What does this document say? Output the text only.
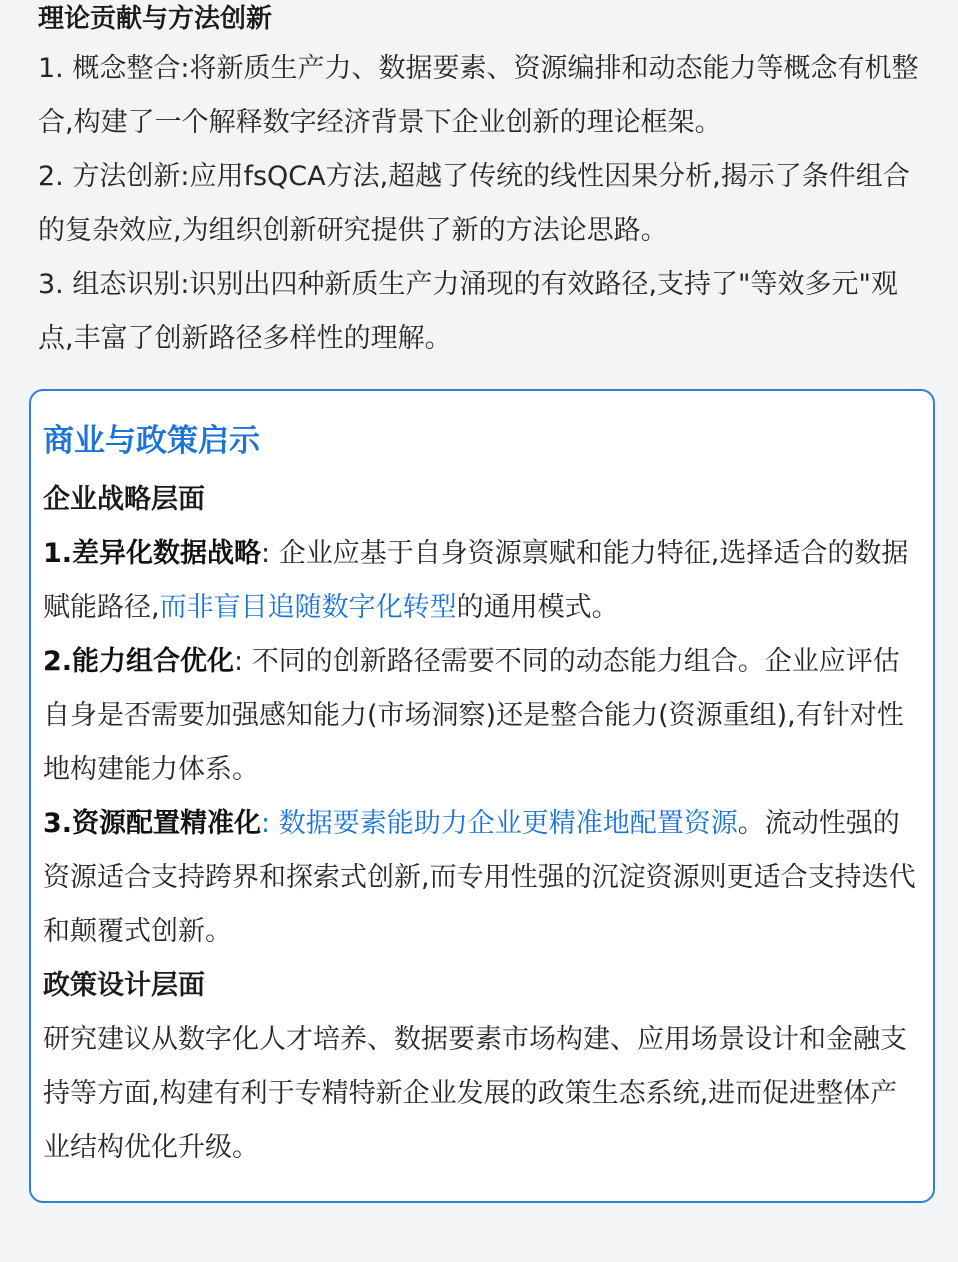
理论贡献与方法创新

1. 概念整合:将新质生产力、数据要素、资源编排和动态能力等概念有机整合,构建了一个解释数字经济背景下企业创新的理论框架。

2. 方法创新:应用fsQCA方法,超越了传统的线性因果分析,揭示了条件组合的复杂效应,为组织创新研究提供了新的方法论思路。

3. 组态识别:识别出四种新质生产力涌现的有效路径,支持了"等效多元"观点,丰富了创新路径多样性的理解。

商业与政策启示
企业战略层面

1.差异化数据战略: 企业应基于自身资源禀赋和能力特征,选择适合的数据赋能路径,而非盲目追随数字化转型的通用模式。

2.能力组合优化: 不同的创新路径需要不同的动态能力组合。企业应评估自身是否需要加强感知能力(市场洞察)还是整合能力(资源重组),有针对性地构建能力体系。

3.资源配置精准化: 数据要素能助力企业更精准地配置资源。流动性强的资源适合支持跨界和探索式创新,而专用性强的沉淀资源则更适合支持迭代和颠覆式创新。

政策设计层面

研究建议从数字化人才培养、数据要素市场构建、应用场景设计和金融支持等方面,构建有利于专精特新企业发展的政策生态系统,进而促进整体产业结构优化升级。
